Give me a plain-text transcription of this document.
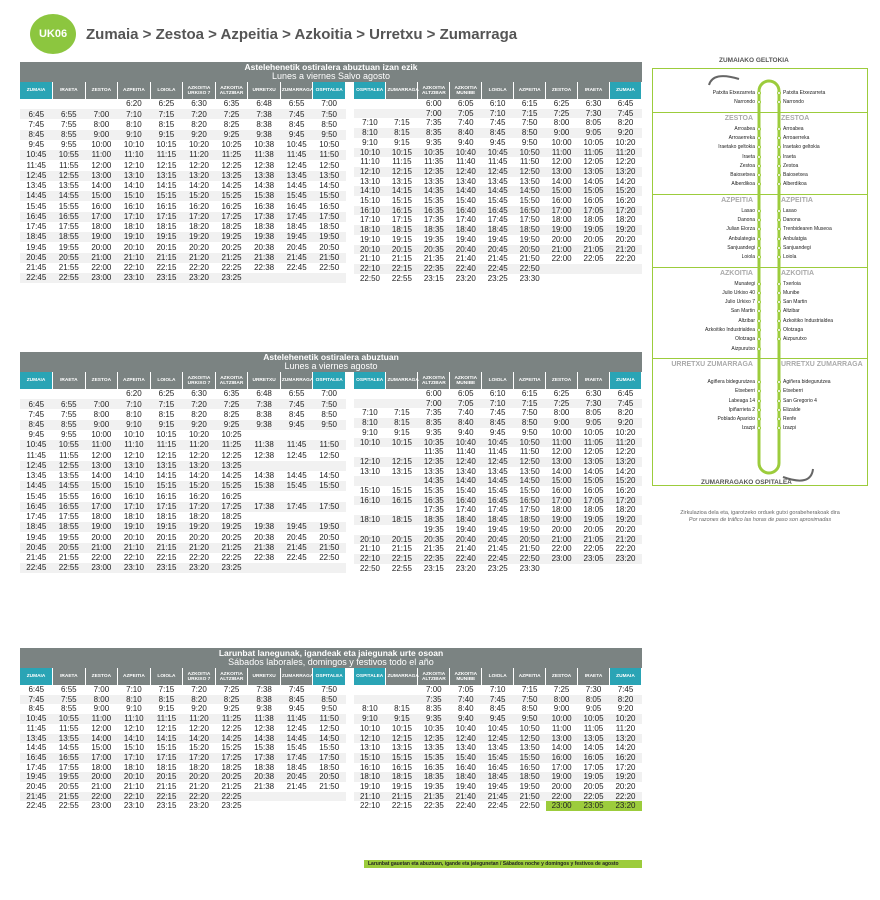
UK06	Zumaia > Zestoa > Azpeitia > Azkoitia > Urretxu > Zumarraga
Astelehenetik ostiralera abuztuan izan ezik
Lunes a viernes Salvo agosto
ZUMAIA	IRAETA	ZESTOA	AZPEITIA	LOIOLA	AZKOITIA URKIXO 7	AZKOITIA ALTZIBAR	URRETXU	ZUMARRAGA	OSPITALEA

			6:20	6:25	6:30	6:35	6:48	6:55	7:00
6:45	6:55	7:00	7:10	7:15	7:20	7:25	7:38	7:45	7:50
7:45	7:55	8:00	8:10	8:15	8:20	8:25	8:38	8:45	8:50
8:45	8:55	9:00	9:10	9:15	9:20	9:25	9:38	9:45	9:50
9:45	9:55	10:00	10:10	10:15	10:20	10:25	10:38	10:45	10:50
10:45	10:55	11:00	11:10	11:15	11:20	11:25	11:38	11:45	11:50
11:45	11:55	12:00	12:10	12:15	12:20	12:25	12:38	12:45	12:50
12:45	12:55	13:00	13:10	13:15	13:20	13:25	13:38	13:45	13:50
13:45	13:55	14:00	14:10	14:15	14:20	14:25	14:38	14:45	14:50
14:45	14:55	15:00	15:10	15:15	15:20	15:25	15:38	15:45	15:50
15:45	15:55	16:00	16:10	16:15	16:20	16:25	16:38	16:45	16:50
16:45	16:55	17:00	17:10	17:15	17:20	17:25	17:38	17:45	17:50
17:45	17:55	18:00	18:10	18:15	18:20	18:25	18:38	18:45	18:50
18:45	18:55	19:00	19:10	19:15	19:20	19:25	19:38	19:45	19:50
19:45	19:55	20:00	20:10	20:15	20:20	20:25	20:38	20:45	20:50
20:45	20:55	21:00	21:10	21:15	21:20	21:25	21:38	21:45	21:50
21:45	21:55	22:00	22:10	22:15	22:20	22:25	22:38	22:45	22:50
22:45	22:55	23:00	23:10	23:15	23:20	23:25			
OSPITALEA	ZUMARRAGA	AZKOITIA ALTZIBAR	AZKOITIA MUNIBE	LOIOLA	AZPEITIA	ZESTOA	IRAETA	ZUMAIA
		6:00	6:05	6:10	6:15	6:25	6:30	6:45
		7:00	7:05	7:10	7:15	7:25	7:30	7:45
7:10	7:15	7:35	7:40	7:45	7:50	8:00	8:05	8:20
8:10	8:15	8:35	8:40	8:45	8:50	9:00	9:05	9:20
9:10	9:15	9:35	9:40	9:45	9:50	10:00	10:05	10:20
10:10	10:15	10:35	10:40	10:45	10:50	11:00	11:05	11:20
11:10	11:15	11:35	11:40	11:45	11:50	12:00	12:05	12:20
12:10	12:15	12:35	12:40	12:45	12:50	13:00	13:05	13:20
13:10	13:15	13:35	13:40	13:45	13:50	14:00	14:05	14:20
14:10	14:15	14:35	14:40	14:45	14:50	15:00	15:05	15:20
15:10	15:15	15:35	15:40	15:45	15:50	16:00	16:05	16:20
16:10	16:15	16:35	16:40	16:45	16:50	17:00	17:05	17:20
17:10	17:15	17:35	17:40	17:45	17:50	18:00	18:05	18:20
18:10	18:15	18:35	18:40	18:45	18:50	19:00	19:05	19:20
19:10	19:15	19:35	19:40	19:45	19:50	20:00	20:05	20:20
20:10	20:15	20:35	20:40	20:45	20:50	21:00	21:05	21:20
21:10	21:15	21:35	21:40	21:45	21:50	22:00	22:05	22:20
22:10	22:15	22:35	22:40	22:45	22:50			
22:50	22:55	23:15	23:20	23:25	23:30			
Astelehenetik ostiralera abuztuan
Lunes a viernes agosto
ZUMAIA	IRAETA	ZESTOA	AZPEITIA	LOIOLA	AZKOITIA URKIXO 7	AZKOITIA ALTZIBAR	URRETXU	ZUMARRAGA	OSPITALEA

			6:20	6:25	6:30	6:35	6:48	6:55	7:00
6:45	6:55	7:00	7:10	7:15	7:20	7:25	7:38	7:45	7:50
7:45	7:55	8:00	8:10	8:15	8:20	8:25	8:38	8:45	8:50
8:45	8:55	9:00	9:10	9:15	9:20	9:25	9:38	9:45	9:50
9:45	9:55	10:00	10:10	10:15	10:20	10:25			
10:45	10:55	11:00	11:10	11:15	11:20	11:25	11:38	11:45	11:50
11:45	11:55	12:00	12:10	12:15	12:20	12:25	12:38	12:45	12:50
12:45	12:55	13:00	13:10	13:15	13:20	13:25			
13:45	13:55	14:00	14:10	14:15	14:20	14:25	14:38	14:45	14:50
14:45	14:55	15:00	15:10	15:15	15:20	15:25	15:38	15:45	15:50
15:45	15:55	16:00	16:10	16:15	16:20	16:25			
16:45	16:55	17:00	17:10	17:15	17:20	17:25	17:38	17:45	17:50
17:45	17:55	18:00	18:10	18:15	18:20	18:25			
18:45	18:55	19:00	19:10	19:15	19:20	19:25	19:38	19:45	19:50
19:45	19:55	20:00	20:10	20:15	20:20	20:25	20:38	20:45	20:50
20:45	20:55	21:00	21:10	21:15	21:20	21:25	21:38	21:45	21:50
21:45	21:55	22:00	22:10	22:15	22:20	22:25	22:38	22:45	22:50
22:45	22:55	23:00	23:10	23:15	23:20	23:25			
OSPITALEA	ZUMARRAGA	AZKOITIA ALTZIBAR	AZKOITIA MUNIBE	LOIOLA	AZPEITIA	ZESTOA	IRAETA	ZUMAIA
		6:00	6:05	6:10	6:15	6:25	6:30	6:45
		7:00	7:05	7:10	7:15	7:25	7:30	7:45
7:10	7:15	7:35	7:40	7:45	7:50	8:00	8:05	8:20
8:10	8:15	8:35	8:40	8:45	8:50	9:00	9:05	9:20
9:10	9:15	9:35	9:40	9:45	9:50	10:00	10:05	10:20
10:10	10:15	10:35	10:40	10:45	10:50	11:00	11:05	11:20
		11:35	11:40	11:45	11:50	12:00	12:05	12:20
12:10	12:15	12:35	12:40	12:45	12:50	13:00	13:05	13:20
13:10	13:15	13:35	13:40	13:45	13:50	14:00	14:05	14:20
		14:35	14:40	14:45	14:50	15:00	15:05	15:20
15:10	15:15	15:35	15:40	15:45	15:50	16:00	16:05	16:20
16:10	16:15	16:35	16:40	16:45	16:50	17:00	17:05	17:20
		17:35	17:40	17:45	17:50	18:00	18:05	18:20
18:10	18:15	18:35	18:40	18:45	18:50	19:00	19:05	19:20
		19:35	19:40	19:45	19:50	20:00	20:05	20:20
20:10	20:15	20:35	20:40	20:45	20:50	21:00	21:05	21:20
21:10	21:15	21:35	21:40	21:45	21:50	22:00	22:05	22:20
22:10	22:15	22:35	22:40	22:45	22:50	23:00	23:05	23:20
22:50	22:55	23:15	23:20	23:25	23:30			
Larunbat lanegunak, igandeak eta jaiegunak urte osoan
Sábados laborales, domingos y festivos todo el año
ZUMAIA	IRAETA	ZESTOA	AZPEITIA	LOIOLA	AZKOITIA URKIXO 7	AZKOITIA ALTZIBAR	URRETXU	ZUMARRAGA	OSPITALEA

6:45	6:55	7:00	7:10	7:15	7:20	7:25	7:38	7:45	7:50
7:45	7:55	8:00	8:10	8:15	8:20	8:25	8:38	8:45	8:50
8:45	8:55	9:00	9:10	9:15	9:20	9:25	9:38	9:45	9:50
10:45	10:55	11:00	11:10	11:15	11:20	11:25	11:38	11:45	11:50
11:45	11:55	12:00	12:10	12:15	12:20	12:25	12:38	12:45	12:50
13:45	13:55	14:00	14:10	14:15	14:20	14:25	14:38	14:45	14:50
14:45	14:55	15:00	15:10	15:15	15:20	15:25	15:38	15:45	15:50
16:45	16:55	17:00	17:10	17:15	17:20	17:25	17:38	17:45	17:50
17:45	17:55	18:00	18:10	18:15	18:20	18:25	18:38	18:45	18:50
19:45	19:55	20:00	20:10	20:15	20:20	20:25	20:38	20:45	20:50
20:45	20:55	21:00	21:10	21:15	21:20	21:25	21:38	21:45	21:50
21:45	21:55	22:00	22:10	22:15	22:20	22:25			
22:45	22:55	23:00	23:10	23:15	23:20	23:25			
OSPITALEA	ZUMARRAGA	AZKOITIA ALTZIBAR	AZKOITIA MUNIBE	LOIOLA	AZPEITIA	ZESTOA	IRAETA	ZUMAIA
		7:00	7:05	7:10	7:15	7:25	7:30	7:45
		7:35	7:40	7:45	7:50	8:00	8:05	8:20
8:10	8:15	8:35	8:40	8:45	8:50	9:00	9:05	9:20
9:10	9:15	9:35	9:40	9:45	9:50	10:00	10:05	10:20
10:10	10:15	10:35	10:40	10:45	10:50	11:00	11:05	11:20
12:10	12:15	12:35	12:40	12:45	12:50	13:00	13:05	13:20
13:10	13:15	13:35	13:40	13:45	13:50	14:00	14:05	14:20
15:10	15:15	15:35	15:40	15:45	15:50	16:00	16:05	16:20
16:10	16:15	16:35	16:40	16:45	16:50	17:00	17:05	17:20
18:10	18:15	18:35	18:40	18:45	18:50	19:00	19:05	19:20
19:10	19:15	19:35	19:40	19:45	19:50	20:00	20:05	20:20
21:10	21:15	21:35	21:40	21:45	21:50	22:00	22:05	22:20
22:10	22:15	22:35	22:40	22:45	22:50	23:00	23:05	23:20
Patxita Etxezarreta	Patxita Etxezarreta
Narrondo	Narrondo
ZESTOA	ZESTOA
Arroabea	Arroabea
Arroaerreka	Arroaerreka
Iraetako geltokia	Iraetako geltokia
Iraeta	Iraeta
Zestoa	Zestoa
Baiosetxea	Baiosetxea
Alberdikoa	Alberdikoa
AZPEITIA	AZPEITIA
Lasao	Lasao
Danona	Danona
Julian Elorza	Trenbidearen Museoa
Anbulategia	Anbulatgia
Sanjuandegi	Sanjuandegi
Loiola	Loiola
AZKOITIA	AZKOITIA
Munategi	Txerloia
Julio Urkixo 40	Munibe
Julio Urkixo 7	San Martin
San Martin	Altzibar
Altzibar	Azkoitiko Industrialdea
Azkoitiko Industrialdea	Olotzaga
Olotzaga	Aizpurutxo
Aizpurutxo
URRETXU ZUMARRAGA	URRETXU ZUMARRAGA
Agiñera bidegurutzea	Agiñera bidegurutzea
Etxeberri	Etxeberri
Labeaga 14	San Gregorio 4
Ipiñarrieta 2	Elizalde
Poblado Aparicio	Renfe
Izazpi	Izazpi
ZUMAIAKO GELTOKIA
ZUMARRAGAKO OSPITALEA
Zirkulazioa dela eta, igarotzeko orduek gutxi gorabeherakoak dira
Por razones de tráfico las horas de paso son aproximadas
Larunbat gauetan eta abuztuan, igande eta jaiegunetan / Sábados noche y domingos y festivos de agosto
